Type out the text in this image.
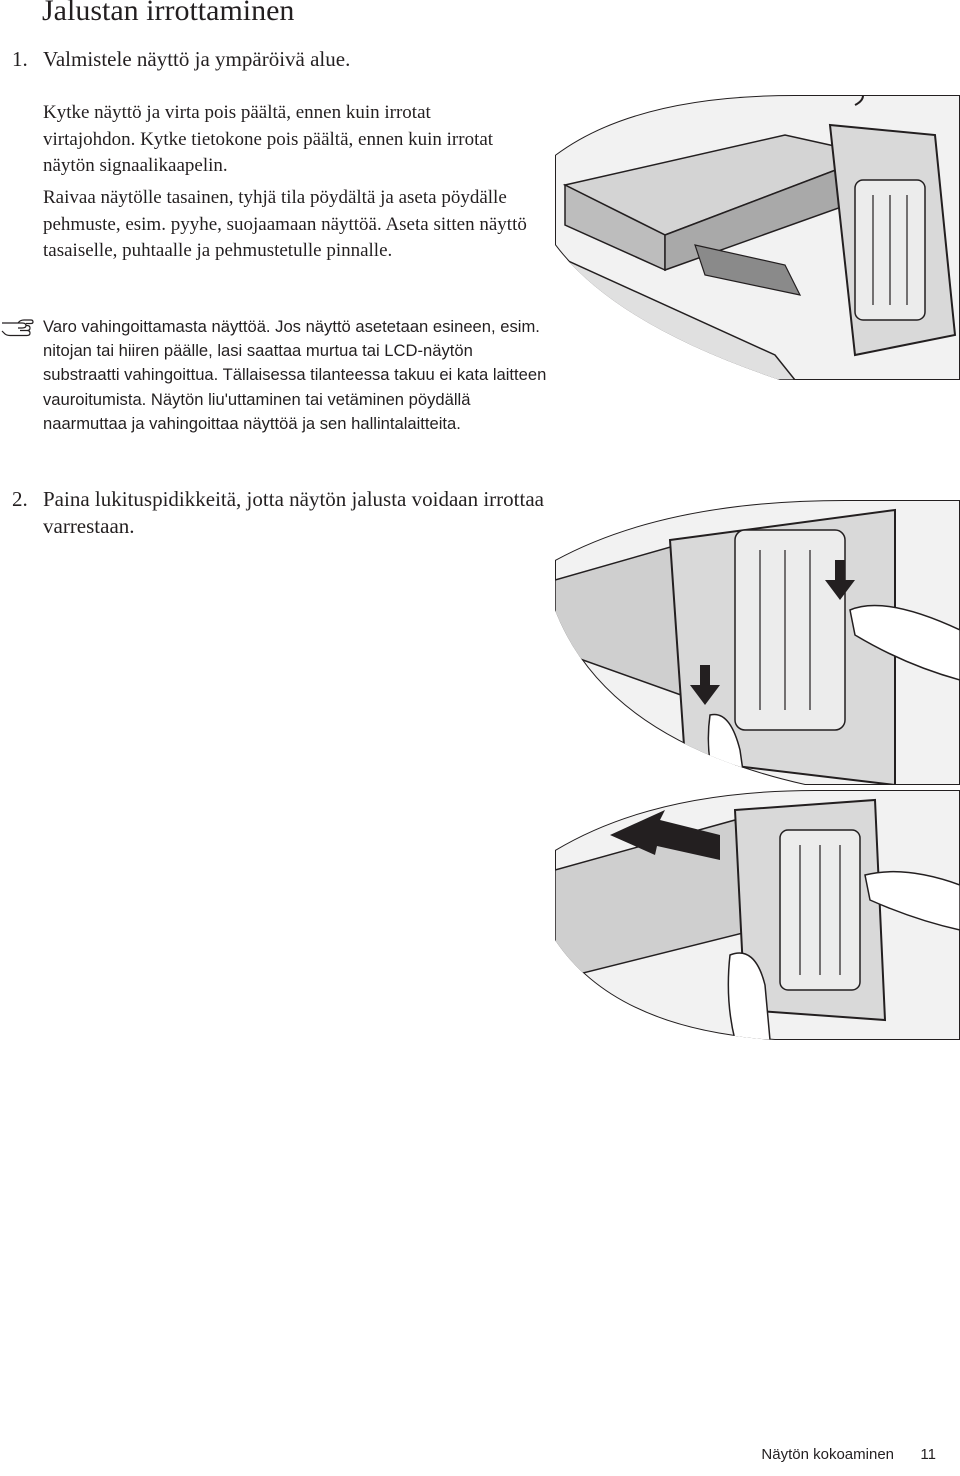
Jalustan irrottaminen
1. Valmistele näyttö ja ympäröivä alue.

Kytke näyttö ja virta pois päältä, ennen kuin irrotat virtajohdon. Kytke tietokone pois päältä, ennen kuin irrotat näytön signaalikaapelin.

Raivaa näytölle tasainen, tyhjä tila pöydältä ja aseta pöydälle pehmuste, esim. pyyhe, suojaamaan näyttöä. Aseta sitten näyttö tasaiselle, puhtaalle ja pehmustetulle pinnalle.

Varo vahingoittamasta näyttöä. Jos näyttö asetetaan esineen, esim. nitojan tai hiiren päälle, lasi saattaa murtua tai LCD-näytön substraatti vahingoittua. Tällaisessa tilanteessa takuu ei kata laitteen vauroitumista. Näytön liu'uttaminen tai vetäminen pöydällä naarmuttaa ja vahingoittaa näyttöä ja sen hallintalaitteita.
2. Paina lukituspidikkeitä, jotta näytön jalusta voidaan irrottaa varrestaan.
Näytön kokoaminen 11
